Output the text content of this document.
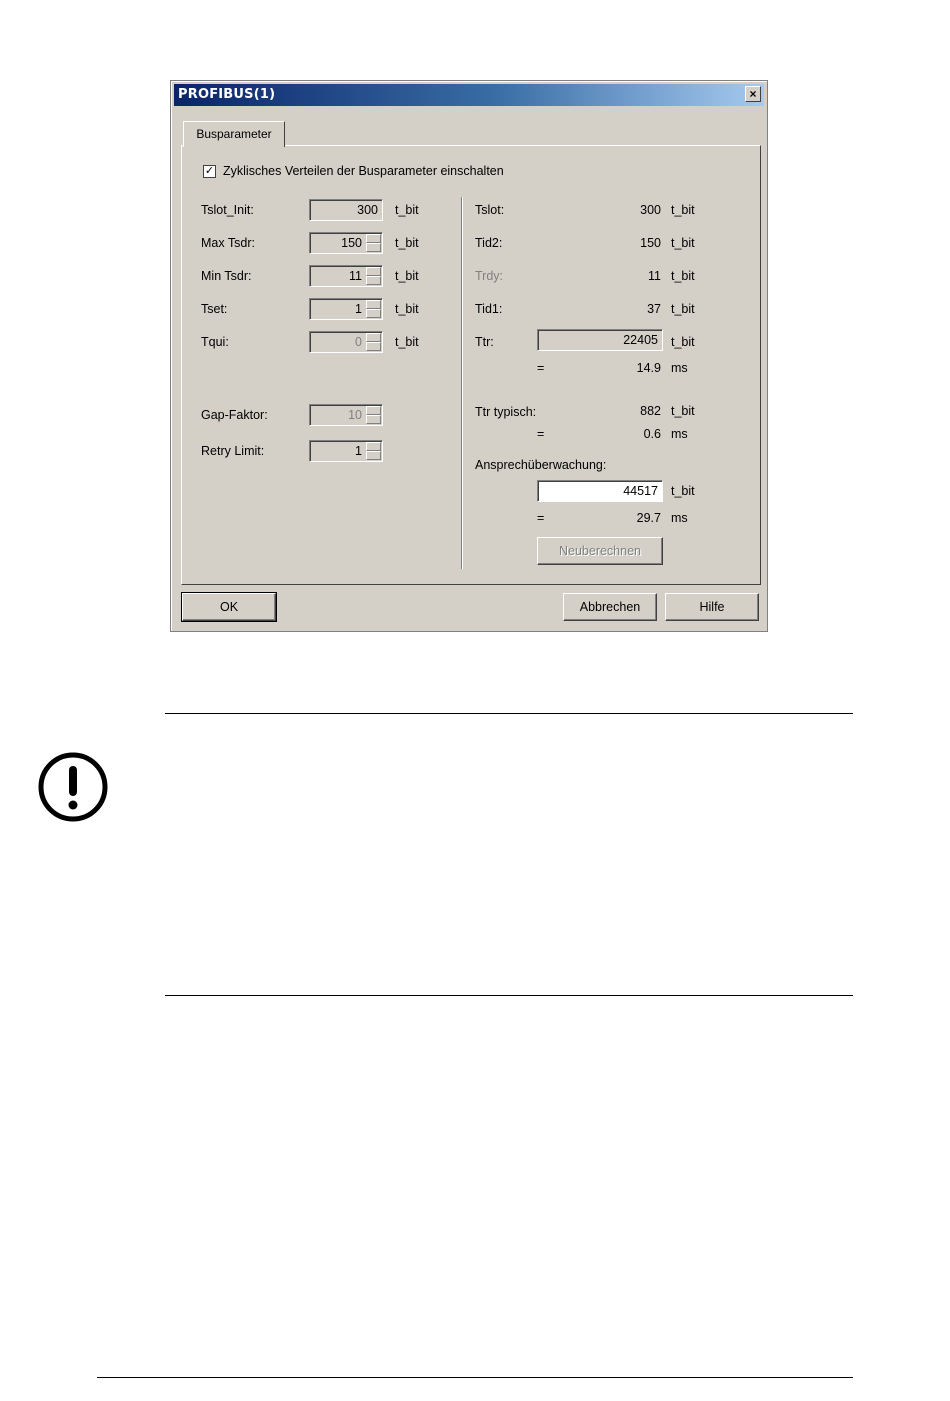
PROFIBUS(1)	×
Busparameter
✓ Zyklisches Verteilen der Busparameter einschalten
Tslot_Init:	300	t_bit
Max Tsdr:	150	t_bit
Min Tsdr:	11	t_bit
Tset:	1	t_bit
Tqui:	0	t_bit
Gap-Faktor:	10
Retry Limit:	1
Tslot:	300 t_bit
Tid2:	150 t_bit
Trdy:	11 t_bit
Tid1:	37 t_bit
Ttr:	22405	t_bit
=	14.9 ms
Ttr typisch:	882 t_bit
=	0.6 ms
Ansprechüberwachung:
44517	t_bit
=	29.7 ms
Neuberechnen
OK	Abbrechen	Hilfe
